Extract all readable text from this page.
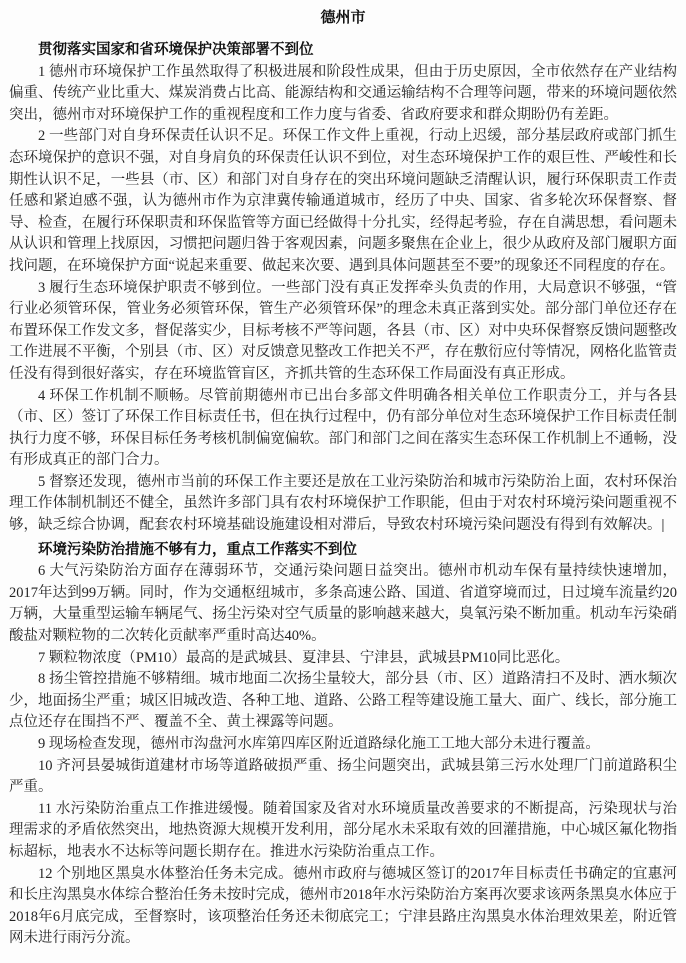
德州市
贯彻落实国家和省环境保护决策部署不到位

1 德州市环境保护工作虽然取得了积极进展和阶段性成果，但由于历史原因，全市依然存在产业结构偏重、传统产业比重大、煤炭消费占比高、能源结构和交通运输结构不合理等问题，带来的环境问题依然突出，德州市对环境保护工作的重视程度和工作力度与省委、省政府要求和群众期盼仍有差距。

2 一些部门对自身环保责任认识不足。环保工作文件上重视，行动上迟缓，部分基层政府或部门抓生态环境保护的意识不强，对自身肩负的环保责任认识不到位，对生态环境保护工作的艰巨性、严峻性和长期性认识不足，一些县（市、区）和部门对自身存在的突出环境问题缺乏清醒认识，履行环保职责工作责任感和紧迫感不强，认为德州市作为京津冀传输通道城市，经历了中央、国家、省多轮次环保督察、督导、检查，在履行环保职责和环保监管等方面已经做得十分扎实，经得起考验，存在自满思想，看问题未从认识和管理上找原因，习惯把问题归咎于客观因素，问题多聚焦在企业上，很少从政府及部门履职方面找问题，在环境保护方面“说起来重要、做起来次要、遇到具体问题甚至不要”的现象还不同程度的存在。

3 履行生态环境保护职责不够到位。一些部门没有真正发挥牵头负责的作用，大局意识不够强，“管行业必须管环保，管业务必须管环保，管生产必须管环保”的理念未真正落到实处。部分部门单位还存在布置环保工作发文多，督促落实少，目标考核不严等问题，各县（市、区）对中央环保督察反馈问题整改工作进展不平衡，个别县（市、区）对反馈意见整改工作把关不严，存在敷衍应付等情况，网格化监管责任没有得到很好落实，存在环境监管盲区，齐抓共管的生态环保工作局面没有真正形成。

4 环保工作机制不顺畅。尽管前期德州市已出台多部文件明确各相关单位工作职责分工，并与各县（市、区）签订了环保工作目标责任书，但在执行过程中，仍有部分单位对生态环境保护工作目标责任制执行力度不够，环保目标任务考核机制偏宽偏软。部门和部门之间在落实生态环保工作机制上不通畅，没有形成真正的部门合力。

5 督察还发现，德州市当前的环保工作主要还是放在工业污染防治和城市污染防治上面，农村环保治理工作体制机制还不健全，虽然许多部门具有农村环境保护工作职能，但由于对农村环境污染问题重视不够，缺乏综合协调，配套农村环境基础设施建设相对滞后，导致农村环境污染问题没有得到有效解决。|

环境污染防治措施不够有力，重点工作落实不到位

6 大气污染防治方面存在薄弱环节，交通污染问题日益突出。德州市机动车保有量持续快速增加，2017年达到99万辆。同时，作为交通枢纽城市，多条高速公路、国道、省道穿境而过，日过境车流量约20万辆，大量重型运输车辆尾气、扬尘污染对空气质量的影响越来越大，臭氧污染不断加重。机动车污染硝酸盐对颗粒物的二次转化贡献率严重时高达40%。

7 颗粒物浓度（PM10）最高的是武城县、夏津县、宁津县，武城县PM10同比恶化。

8 扬尘管控措施不够精细。城市地面二次扬尘量较大，部分县（市、区）道路清扫不及时、洒水频次少，地面扬尘严重；城区旧城改造、各种工地、道路、公路工程等建设施工量大、面广、线长，部分施工点位还存在围挡不严、覆盖不全、黄土裸露等问题。

9 现场检查发现，德州市沟盘河水库第四库区附近道路绿化施工工地大部分未进行覆盖。

10 齐河县晏城街道建材市场等道路破损严重、扬尘问题突出，武城县第三污水处理厂门前道路积尘严重。

11 水污染防治重点工作推进缓慢。随着国家及省对水环境质量改善要求的不断提高，污染现状与治理需求的矛盾依然突出，地热资源大规模开发利用，部分尾水未采取有效的回灌措施，中心城区氟化物指标超标，地表水不达标等问题长期存在。推进水污染防治重点工作。

12 个别地区黑臭水体整治任务未完成。德州市政府与德城区签订的2017年目标责任书确定的宜惠河和长庄沟黑臭水体综合整治任务未按时完成，德州市2018年水污染防治方案再次要求该两条黑臭水体应于2018年6月底完成，至督察时，该项整治任务还未彻底完工；宁津县路庄沟黑臭水体治理效果差，附近管网未进行雨污分流。
